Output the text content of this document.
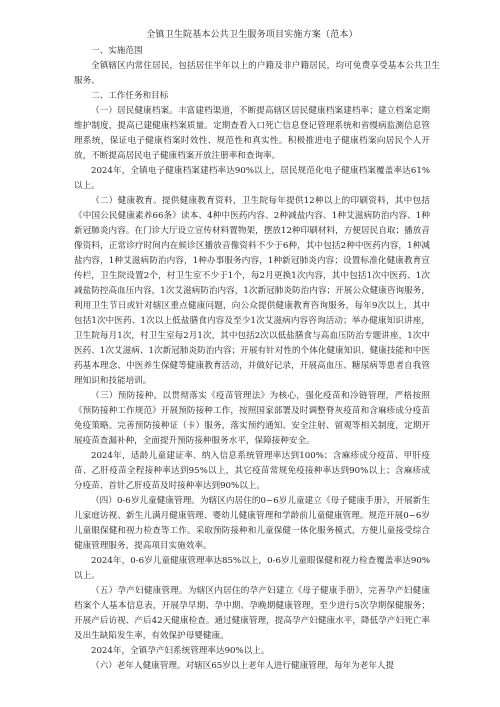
全镇卫生院基本公共卫生服务项目实施方案（范本）

一、实施范围

全镇辖区内常住居民，包括居住半年以上的户籍及非户籍居民，均可免费享受基本公共卫生服务。

二、工作任务和目标

（一）居民健康档案。丰富建档渠道，不断提高辖区居民健康档案建档率；建立档案定期维护制度，提高已建健康档案质量。定期查看入口死亡信息登记管理系统和省慢病监测信息管理系统，保证电子健康档案时效性、规范性和真实性。积极推进电子健康档案向居民个人开放，不断提高居民电子健康档案开放注册率和查询率。

2024年，全镇电子健康档案建档率达90%以上，居民规范化电子健康档案覆盖率达61%以上。

（二）健康教育。提供健康教育资料，卫生院每年提供12种以上的印刷资料，其中包括《中国公民健康素养66条》读本、4种中医药内容、2种减盐内容、1种艾滋病防治内容、1种新冠肺炎内容。在门诊大厅设立宣传材料置物架，摆放12种印刷材料，方便居民自取；播放音像资料，正常诊疗时间内在候诊区播放音像资料不少于6种，其中包括2种中医药内容，1种减盐内容，1种艾滋病防治内容，1种办事服务内容，1种新冠肺炎内容；设置标准化健康教育宣传栏，卫生院设置2个，村卫生室不少于1个，每2月更换1次内容，其中包括1次中医药、1次减盐防控高血压内容，1次艾滋病防治内容，1次新冠肺炎防治内容；开展公众健康咨询服务，利用卫生节日或针对辖区重点健康问题，向公众提供健康教育咨询服务，每年9次以上，其中包括1次中医药、1次以上低盐膳食内容及至少1次艾滋病内容咨询活动；举办健康知识讲座，卫生院每月1次，村卫生室每2月1次，其中包括2次以低盐膳食与高血压防治专题讲座，1次中医药、1次艾滋病、1次新冠肺炎防治内容；开展有针对性的个体化健康知识、健康技能和中医药基本理念、中医养生保健等健康教育活动，并做好记录，开展高血压、糖尿病等患者自我管理知识和技能培训。

（三）预防接种。以贯彻落实《疫苗管理法》为核心，强化疫苗和冷链管理，严格按照《预防接种工作规范》开展预防接种工作，按照国家部署及时调整脊灰疫苗和含麻疹成分疫苗免疫策略。完善预防接种证（卡）服务，落实预约通知、安全注射、留观等相关制度，定期开展疫苗查漏补种，全面提升预防接种服务水平，保障接种安全。

2024年，适龄儿童建证率、纳入信息系统管理率达到100%；含麻疹成分疫苗、甲肝疫苗、乙肝疫苗全程接种率达到95%以上，其它疫苗常规免疫接种率达到90%以上；含麻疹成分疫苗、首针乙肝疫苗及时接种率达到90%以上。

（四）0-6岁儿童健康管理。为辖区内居住的0~6岁儿童建立《母子健康手册》，开展新生儿家庭访视、新生儿满月健康管理、婴幼儿健康管理和学龄前儿童健康管理。规范开展0~6岁儿童眼保健和视力检查等工作。采取预防接种和儿童保健一体化服务模式，方便儿童接受综合健康管理服务，提高项目实施效率。

2024年，0-6岁儿童健康管理率达85%以上，0-6岁儿童眼保健和视力检查覆盖率达90%以上。

（五）孕产妇健康管理。为辖区内居住的孕产妇建立《母子健康手册》，完善孕产妇健康档案个人基本信息表，开展孕早期、孕中期、孕晚期健康管理，至少进行5次孕期保健服务；开展产后访视、产后42天健康检查。通过健康管理，提高孕产妇健康水平，降低孕产妇死亡率及出生缺陷发生率，有效保护母婴健康。

2024年，全镇孕产妇系统管理率达90%以上。

（六）老年人健康管理。对辖区65岁以上老年人进行健康管理，每年为老年人提
